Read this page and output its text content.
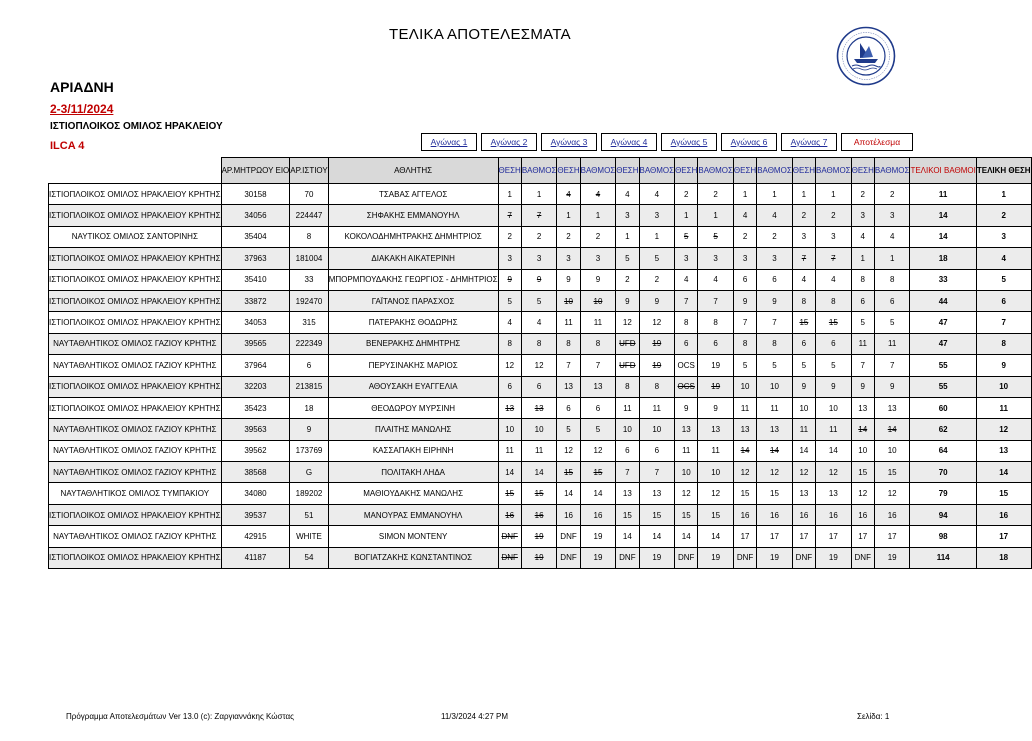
ΤΕΛΙΚΑ ΑΠΟΤΕΛΕΣΜΑΤΑ
ΑΡΙΑΔΝΗ
2-3/11/2024
ΙΣΤΙΟΠΛΟΙΚΟΣ ΟΜΙΛΟΣ ΗΡΑΚΛΕΙΟΥ
ILCA 4	Αγώνας 1	Αγώνας 2	Αγώνας 3	Αγώνας 4	Αγώνας 5	Αγώνας 6	Αγώνας 7	Αποτέλεσμα
	ΑΡ.ΜΗΤΡΩΟΥ ΕΙΟ	ΑΡ.ΙΣΤΙΟΥ	ΑΘΛΗΤΗΣ	ΘΕΣΗ	ΒΑΘΜΟΣ	ΘΕΣΗ	ΒΑΘΜΟΣ	ΘΕΣΗ	ΒΑΘΜΟΣ	ΘΕΣΗ	ΒΑΘΜΟΣ	ΘΕΣΗ	ΒΑΘΜΟΣ	ΘΕΣΗ	ΒΑΘΜΟΣ	ΘΕΣΗ	ΒΑΘΜΟΣ	ΤΕΛΙΚΟΙ ΒΑΘΜΟΙ	ΤΕΛΙΚΗ ΘΕΣΗ
ΙΣΤΙΟΠΛΟΙΚΟΣ ΟΜΙΛΟΣ ΗΡΑΚΛΕΙΟΥ ΚΡΗΤΗΣ	30158	70	ΤΣΑΒΑΣ ΑΓΓΕΛΟΣ	1	1	4	4	4	4	2	2	1	1	1	1	2	2	11	1
ΙΣΤΙΟΠΛΟΙΚΟΣ ΟΜΙΛΟΣ ΗΡΑΚΛΕΙΟΥ ΚΡΗΤΗΣ	34056	224447	ΣΗΦΑΚΗΣ ΕΜΜΑΝΟΥΗΛ	7	7	1	1	3	3	1	1	4	4	2	2	3	3	14	2
ΝΑΥΤΙΚΟΣ ΟΜΙΛΟΣ ΣΑΝΤΟΡΙΝΗΣ	35404	8	ΚΟΚΟΛΟΔΗΜΗΤΡΑΚΗΣ ΔΗΜΗΤΡΙΟΣ	2	2	2	2	1	1	5	5	2	2	3	3	4	4	14	3
ΙΣΤΙΟΠΛΟΙΚΟΣ ΟΜΙΛΟΣ ΗΡΑΚΛΕΙΟΥ ΚΡΗΤΗΣ	37963	181004	ΔΙΑΚΑΚΗ ΑΙΚΑΤΕΡΙΝΗ	3	3	3	3	5	5	3	3	3	3	7	7	1	1	18	4
ΙΣΤΙΟΠΛΟΙΚΟΣ ΟΜΙΛΟΣ ΗΡΑΚΛΕΙΟΥ ΚΡΗΤΗΣ	35410	33	ΜΠΟΡΜΠΟΥΔΑΚΗΣ ΓΕΩΡΓΙΟΣ - ΔΗΜΗΤΡΙΟΣ	9	9	9	9	2	2	4	4	6	6	4	4	8	8	33	5
ΙΣΤΙΟΠΛΟΙΚΟΣ ΟΜΙΛΟΣ ΗΡΑΚΛΕΙΟΥ ΚΡΗΤΗΣ	33872	192470	ΓΑΪΤΑΝΟΣ ΠΑΡΑΣΧΟΣ	5	5	10	10	9	9	7	7	9	9	8	8	6	6	44	6
ΙΣΤΙΟΠΛΟΙΚΟΣ ΟΜΙΛΟΣ ΗΡΑΚΛΕΙΟΥ ΚΡΗΤΗΣ	34053	315	ΠΑΤΕΡΑΚΗΣ ΘΟΔΩΡΗΣ	4	4	11	11	12	12	8	8	7	7	15	15	5	5	47	7
ΝΑΥΤΑΘΛΗΤΙΚΟΣ ΟΜΙΛΟΣ ΓΑΖΙΟΥ ΚΡΗΤΗΣ	39565	222349	ΒΕΝΕΡΑΚΗΣ ΔΗΜΗΤΡΗΣ	8	8	8	8	UFD	19	6	6	8	8	6	6	11	11	47	8
ΝΑΥΤΑΘΛΗΤΙΚΟΣ ΟΜΙΛΟΣ ΓΑΖΙΟΥ ΚΡΗΤΗΣ	37964	6	ΠΕΡΥΣΙΝΑΚΗΣ ΜΑΡΙΟΣ	12	12	7	7	UFD	19	OCS	19	5	5	5	5	7	7	55	9
ΙΣΤΙΟΠΛΟΙΚΟΣ ΟΜΙΛΟΣ ΗΡΑΚΛΕΙΟΥ ΚΡΗΤΗΣ	32203	213815	ΑΘΟΥΣΑΚΗ ΕΥΑΓΓΕΛΙΑ	6	6	13	13	8	8	OCS	19	10	10	9	9	9	9	55	10
ΙΣΤΙΟΠΛΟΙΚΟΣ ΟΜΙΛΟΣ ΗΡΑΚΛΕΙΟΥ ΚΡΗΤΗΣ	35423	18	ΘΕΟΔΩΡΟΥ ΜΥΡΣΙΝΗ	13	13	6	6	11	11	9	9	11	11	10	10	13	13	60	11
ΝΑΥΤΑΘΛΗΤΙΚΟΣ ΟΜΙΛΟΣ ΓΑΖΙΟΥ ΚΡΗΤΗΣ	39563	9	ΠΛΑΙΤΗΣ ΜΑΝΩΛΗΣ	10	10	5	5	10	10	13	13	13	13	11	11	14	14	62	12
ΝΑΥΤΑΘΛΗΤΙΚΟΣ ΟΜΙΛΟΣ ΓΑΖΙΟΥ ΚΡΗΤΗΣ	39562	173769	ΚΑΣΣΑΠΑΚΗ ΕΙΡΗΝΗ	11	11	12	12	6	6	11	11	14	14	14	14	10	10	64	13
ΝΑΥΤΑΘΛΗΤΙΚΟΣ ΟΜΙΛΟΣ ΓΑΖΙΟΥ ΚΡΗΤΗΣ	38568	G	ΠΟΛΙΤΑΚΗ ΛΗΔΑ	14	14	15	15	7	7	10	10	12	12	12	12	15	15	70	14
ΝΑΥΤΑΘΛΗΤΙΚΟΣ ΟΜΙΛΟΣ ΤΥΜΠΑΚΙΟΥ	34080	189202	ΜΑΘΙΟΥΔΑΚΗΣ ΜΑΝΩΛΗΣ	15	15	14	14	13	13	12	12	15	15	13	13	12	12	79	15
ΙΣΤΙΟΠΛΟΙΚΟΣ ΟΜΙΛΟΣ ΗΡΑΚΛΕΙΟΥ ΚΡΗΤΗΣ	39537	51	ΜΑΝΟΥΡΑΣ ΕΜΜΑΝΟΥΗΛ	16	16	16	16	15	15	15	15	16	16	16	16	16	16	94	16
ΝΑΥΤΑΘΛΗΤΙΚΟΣ ΟΜΙΛΟΣ ΓΑΖΙΟΥ ΚΡΗΤΗΣ	42915	WHITE	SIMON MONTENY	DNF	19	DNF	19	14	14	14	14	17	17	17	17	17	17	98	17
ΙΣΤΙΟΠΛΟΙΚΟΣ ΟΜΙΛΟΣ ΗΡΑΚΛΕΙΟΥ ΚΡΗΤΗΣ	41187	54	ΒΟΓΙΑΤΖΑΚΗΣ ΚΩΝΣΤΑΝΤΙΝΟΣ	DNF	19	DNF	19	DNF	19	DNF	19	DNF	19	DNF	19	DNF	19	114	18
Πρόγραμμα Αποτελεσμάτων Ver 13.0 (c): Ζαργιαννάκης Κώστας	11/3/2024 4:27 PM	Σελίδα: 1
